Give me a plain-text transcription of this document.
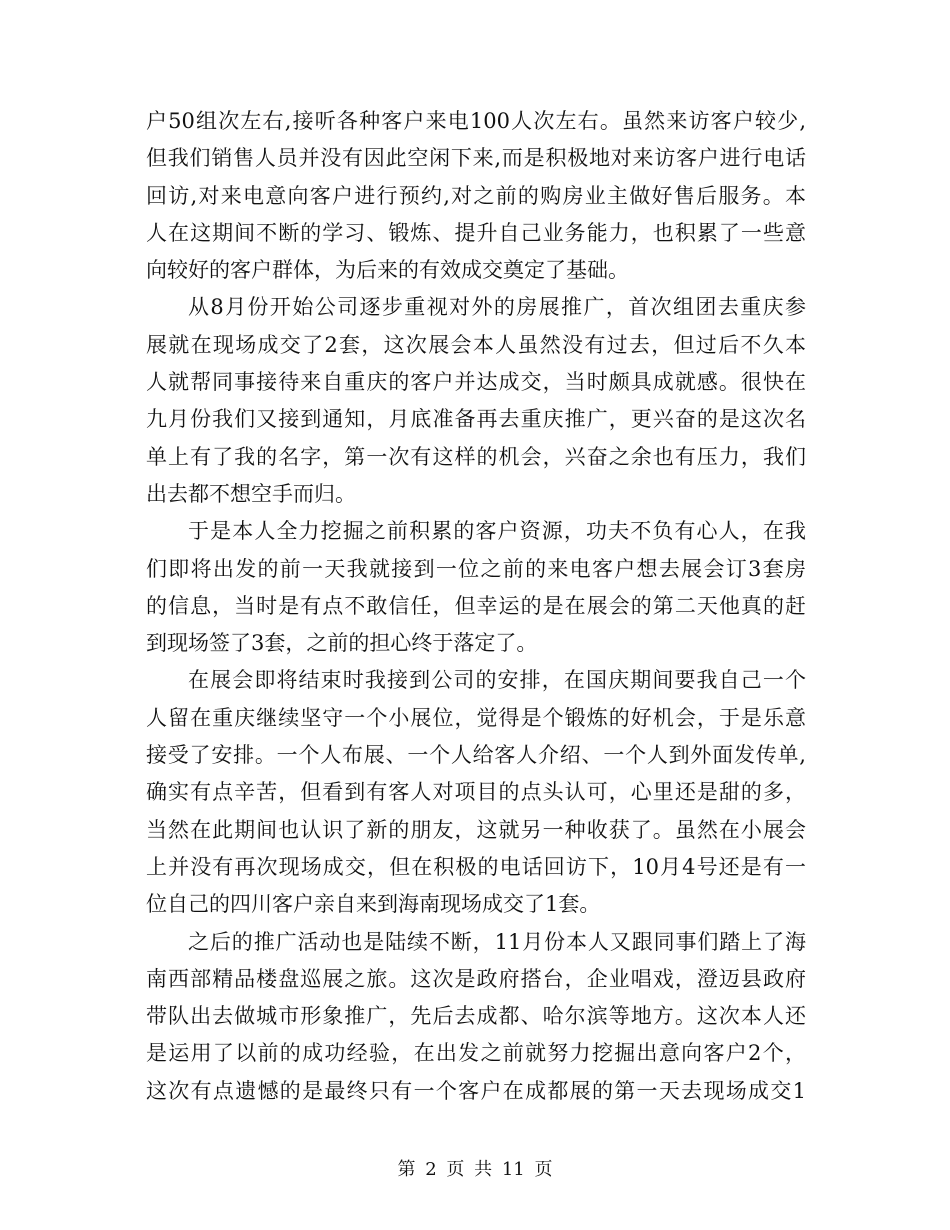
户50组次左右,接听各种客户来电100人次左右。虽然来访客户较少,
但我们销售人员并没有因此空闲下来,而是积极地对来访客户进行电话
回访,对来电意向客户进行预约,对之前的购房业主做好售后服务。本
人在这期间不断的学习、锻炼、提升自己业务能力，也积累了一些意
向较好的客户群体，为后来的有效成交奠定了基础。
从8月份开始公司逐步重视对外的房展推广，首次组团去重庆参
展就在现场成交了2套，这次展会本人虽然没有过去，但过后不久本
人就帮同事接待来自重庆的客户并达成交，当时颇具成就感。很快在
九月份我们又接到通知，月底准备再去重庆推广，更兴奋的是这次名
单上有了我的名字，第一次有这样的机会，兴奋之余也有压力，我们
出去都不想空手而归。
于是本人全力挖掘之前积累的客户资源，功夫不负有心人，在我
们即将出发的前一天我就接到一位之前的来电客户想去展会订3套房
的信息，当时是有点不敢信任，但幸运的是在展会的第二天他真的赶
到现场签了3套，之前的担心终于落定了。
在展会即将结束时我接到公司的安排，在国庆期间要我自己一个
人留在重庆继续坚守一个小展位，觉得是个锻炼的好机会，于是乐意
接受了安排。一个人布展、一个人给客人介绍、一个人到外面发传单,
确实有点辛苦，但看到有客人对项目的点头认可，心里还是甜的多，
当然在此期间也认识了新的朋友，这就另一种收获了。虽然在小展会
上并没有再次现场成交，但在积极的电话回访下，10月4号还是有一
位自己的四川客户亲自来到海南现场成交了1套。
之后的推广活动也是陆续不断，11月份本人又跟同事们踏上了海
南西部精品楼盘巡展之旅。这次是政府搭台，企业唱戏，澄迈县政府
带队出去做城市形象推广，先后去成都、哈尔滨等地方。这次本人还
是运用了以前的成功经验，在出发之前就努力挖掘出意向客户2个，
这次有点遗憾的是最终只有一个客户在成都展的第一天去现场成交1
第 2 页 共 11 页
